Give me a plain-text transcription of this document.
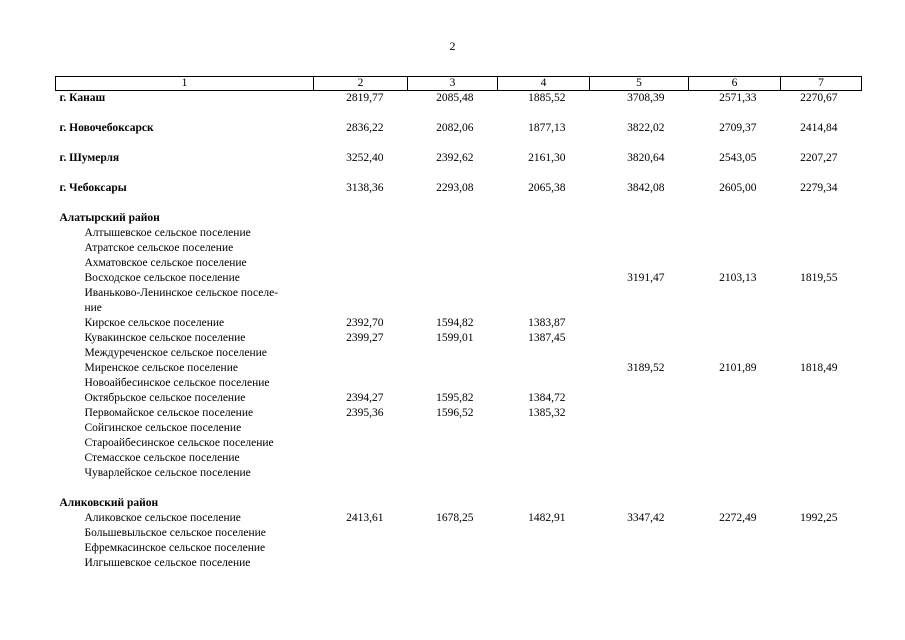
2
1	2	3	4	5	6	7
г. Канаш	2819,77	2085,48	1885,52	3708,39	2571,33	2270,67

г. Новочебоксарск	2836,22	2082,06	1877,13	3822,02	2709,37	2414,84

г. Шумерля	3252,40	2392,62	2161,30	3820,64	2543,05	2207,27

г. Чебоксары	3138,36	2293,08	2065,38	3842,08	2605,00	2279,34

Алатырский район						
Алтышевское сельское поселение						
Атратское сельское поселение						
Ахматовское сельское поселение						
Восходское сельское поселение				3191,47	2103,13	1819,55
Иваньково-Ленинское сельское поселе-						
ние						
Кирское сельское поселение	2392,70	1594,82	1383,87			
Кувакинское сельское поселение	2399,27	1599,01	1387,45			
Междуреченское сельское поселение						
Миренское сельское поселение				3189,52	2101,89	1818,49
Новоайбесинское сельское поселение						
Октябрьское сельское поселение	2394,27	1595,82	1384,72			
Первомайское сельское поселение	2395,36	1596,52	1385,32			
Сойгинское сельское поселение						
Староайбесинское сельское поселение						
Стемасское сельское поселение						
Чуварлейское сельское поселение						

Аликовский район						
Аликовское сельское поселение	2413,61	1678,25	1482,91	3347,42	2272,49	1992,25
Большевыльское сельское поселение						
Ефремкасинское сельское поселение						
Илгышевское сельское поселение						
